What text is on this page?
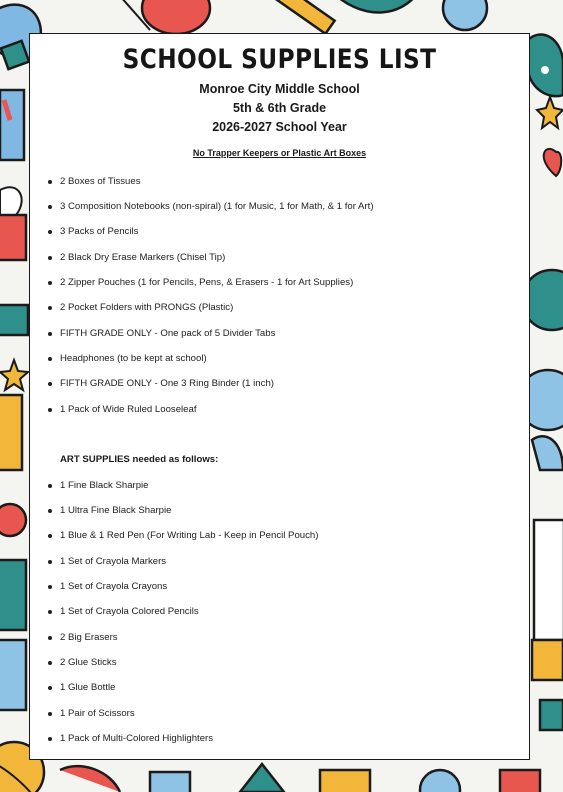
SCHOOL SUPPLIES LIST
Monroe City Middle School
5th & 6th Grade
2026-2027 School Year
No Trapper Keepers or Plastic Art Boxes
2 Boxes of Tissues
3 Composition Notebooks (non-spiral) (1 for Music, 1 for Math, & 1 for Art)
3 Packs of Pencils
2 Black Dry Erase Markers (Chisel Tip)
2 Zipper Pouches (1 for Pencils, Pens, & Erasers - 1 for Art Supplies)
2 Pocket Folders with PRONGS (Plastic)
FIFTH GRADE ONLY - One pack of 5 Divider Tabs
Headphones (to be kept at school)
FIFTH GRADE ONLY - One 3 Ring Binder (1 inch)
1 Pack of Wide Ruled Looseleaf
ART SUPPLIES needed as follows:
1 Fine Black Sharpie
1 Ultra Fine Black Sharpie
1 Blue & 1 Red Pen (For Writing Lab - Keep in Pencil Pouch)
1 Set of Crayola Markers
1 Set of Crayola Crayons
1 Set of Crayola Colored Pencils
2 Big Erasers
2 Glue Sticks
1 Glue Bottle
1 Pair of Scissors
1 Pack of Multi-Colored Highlighters
